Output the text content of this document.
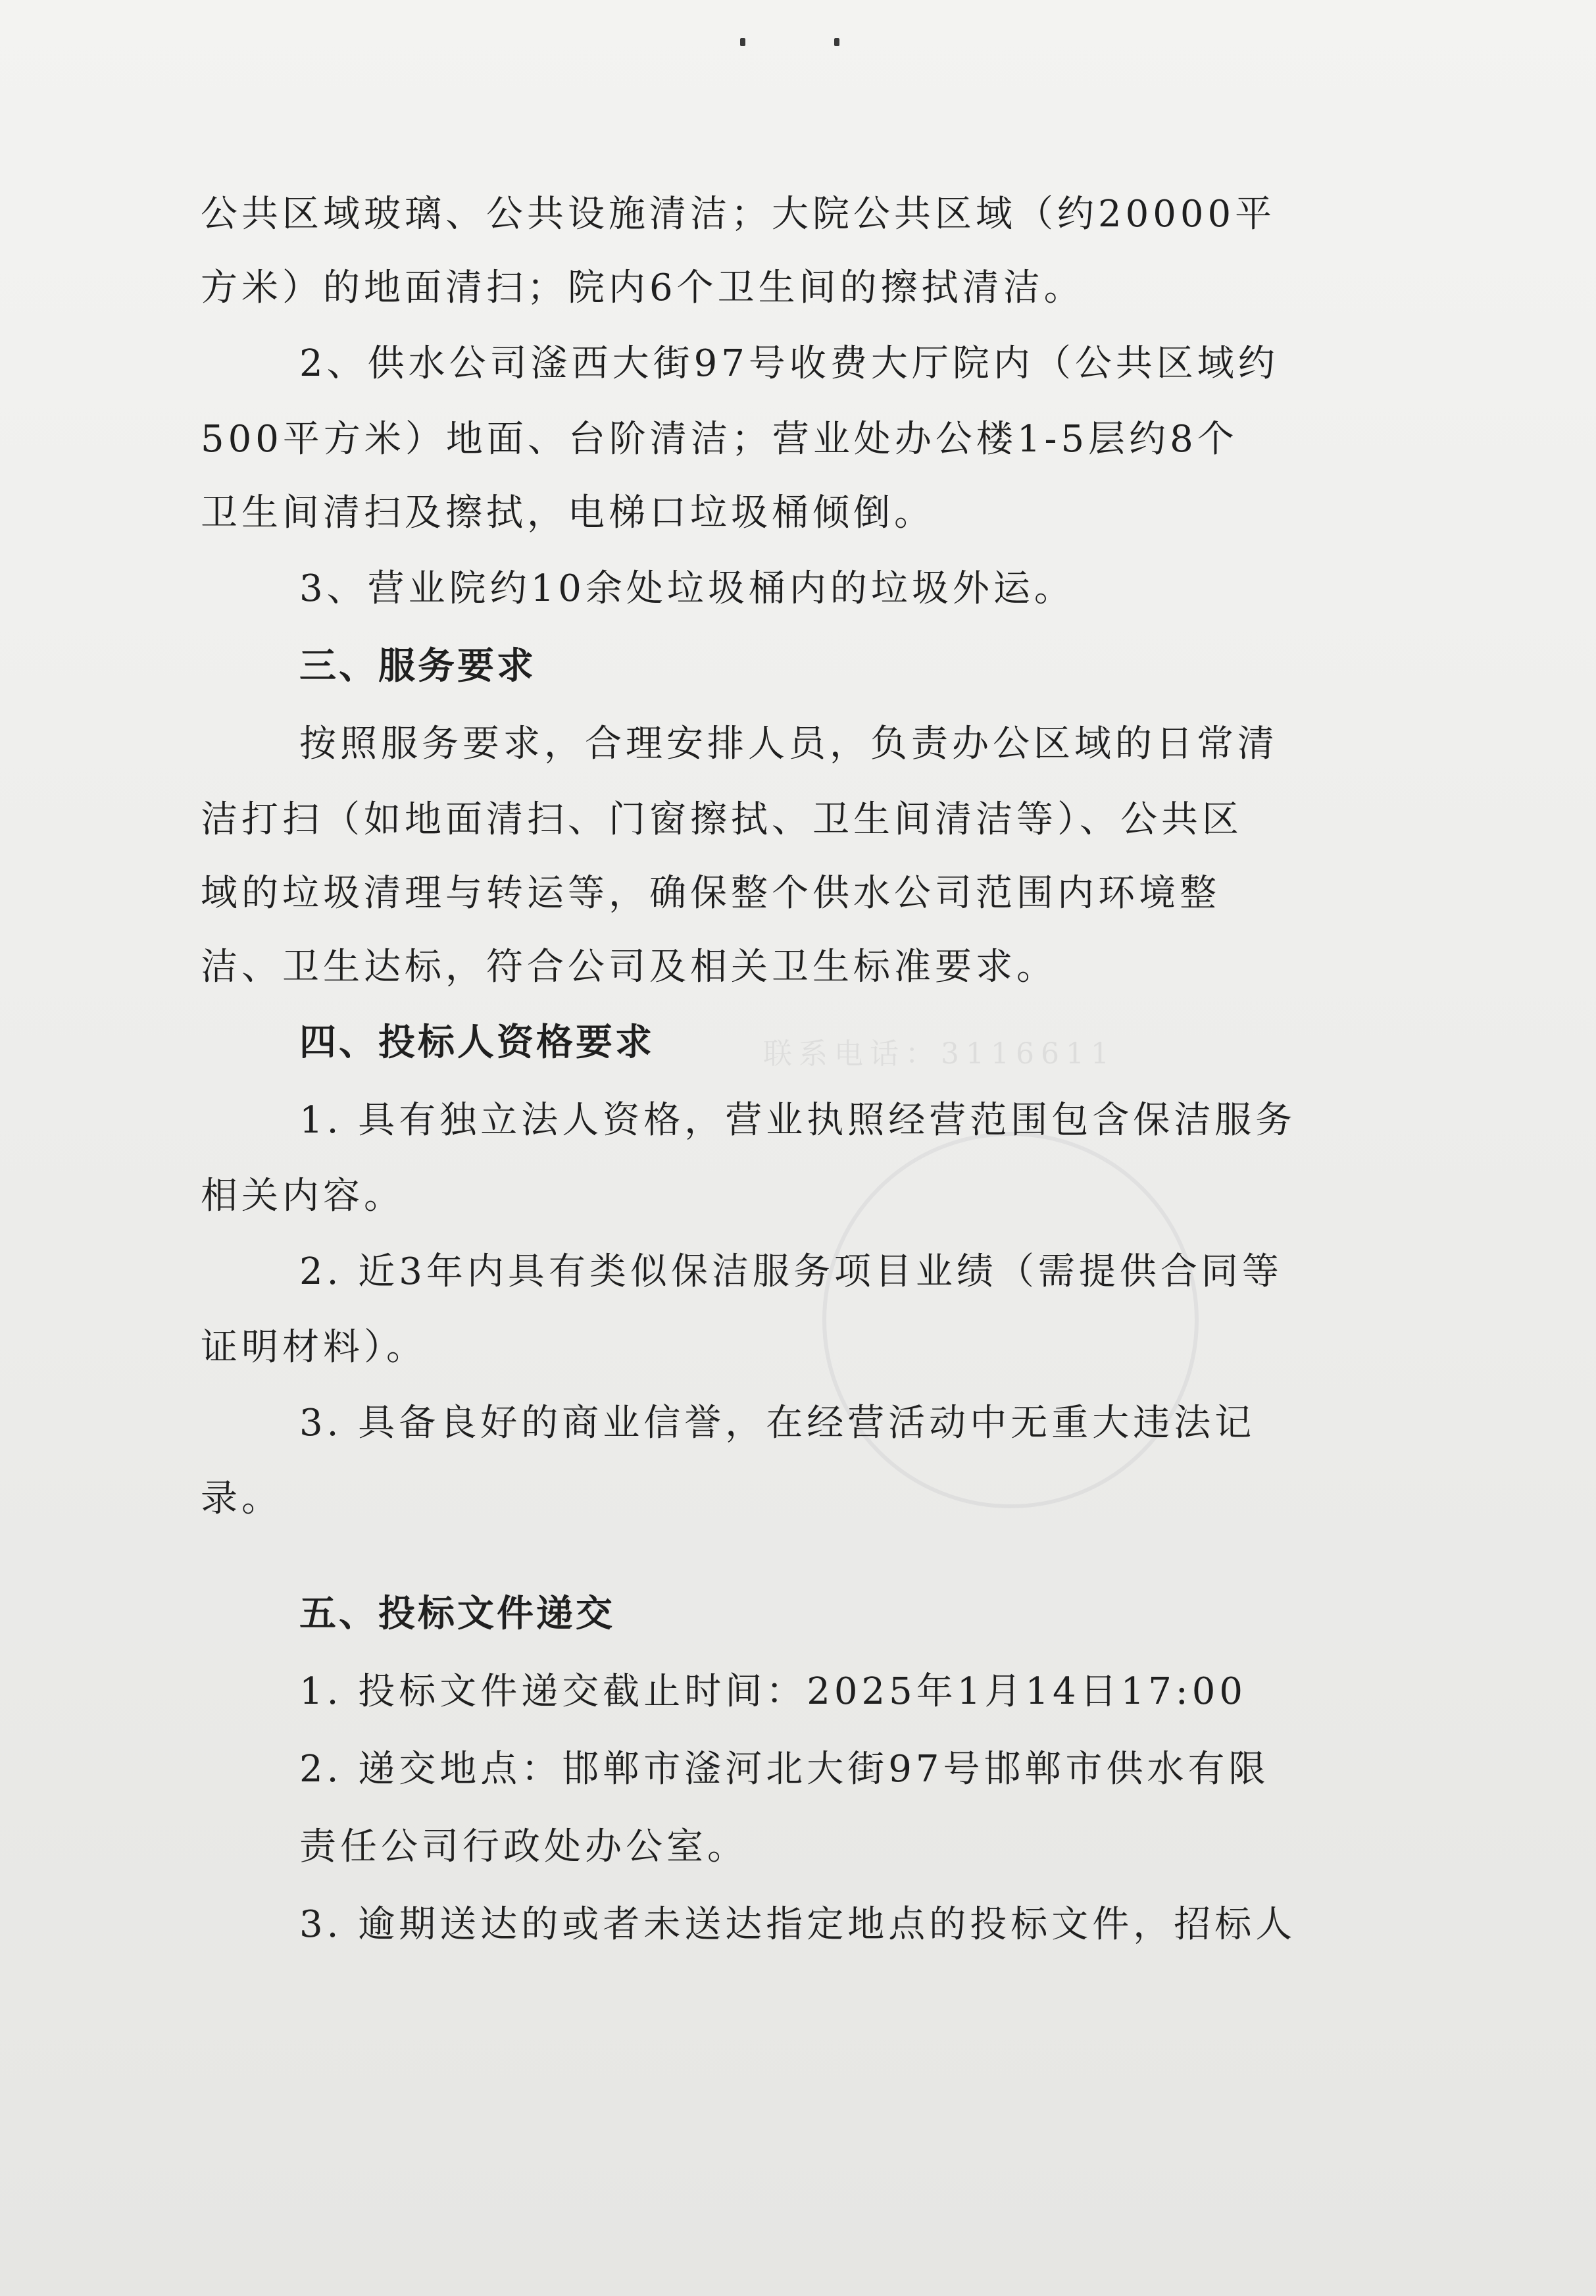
联系电话：3116611
公共区域玻璃、公共设施清洁；大院公共区域（约20000平
方米）的地面清扫；院内6个卫生间的擦拭清洁。
2、供水公司滏西大街97号收费大厅院内（公共区域约
500平方米）地面、台阶清洁；营业处办公楼1-5层约8个
卫生间清扫及擦拭，电梯口垃圾桶倾倒。
3、营业院约10余处垃圾桶内的垃圾外运。
三、服务要求
按照服务要求，合理安排人员，负责办公区域的日常清
洁打扫（如地面清扫、门窗擦拭、卫生间清洁等）、公共区
域的垃圾清理与转运等，确保整个供水公司范围内环境整
洁、卫生达标，符合公司及相关卫生标准要求。
四、投标人资格要求
1. 具有独立法人资格，营业执照经营范围包含保洁服务
相关内容。
2. 近3年内具有类似保洁服务项目业绩（需提供合同等
证明材料）。
3. 具备良好的商业信誉，在经营活动中无重大违法记
录。
五、投标文件递交
1. 投标文件递交截止时间：2025年1月14日17:00
2. 递交地点：邯郸市滏河北大街97号邯郸市供水有限
责任公司行政处办公室。
3. 逾期送达的或者未送达指定地点的投标文件，招标人
